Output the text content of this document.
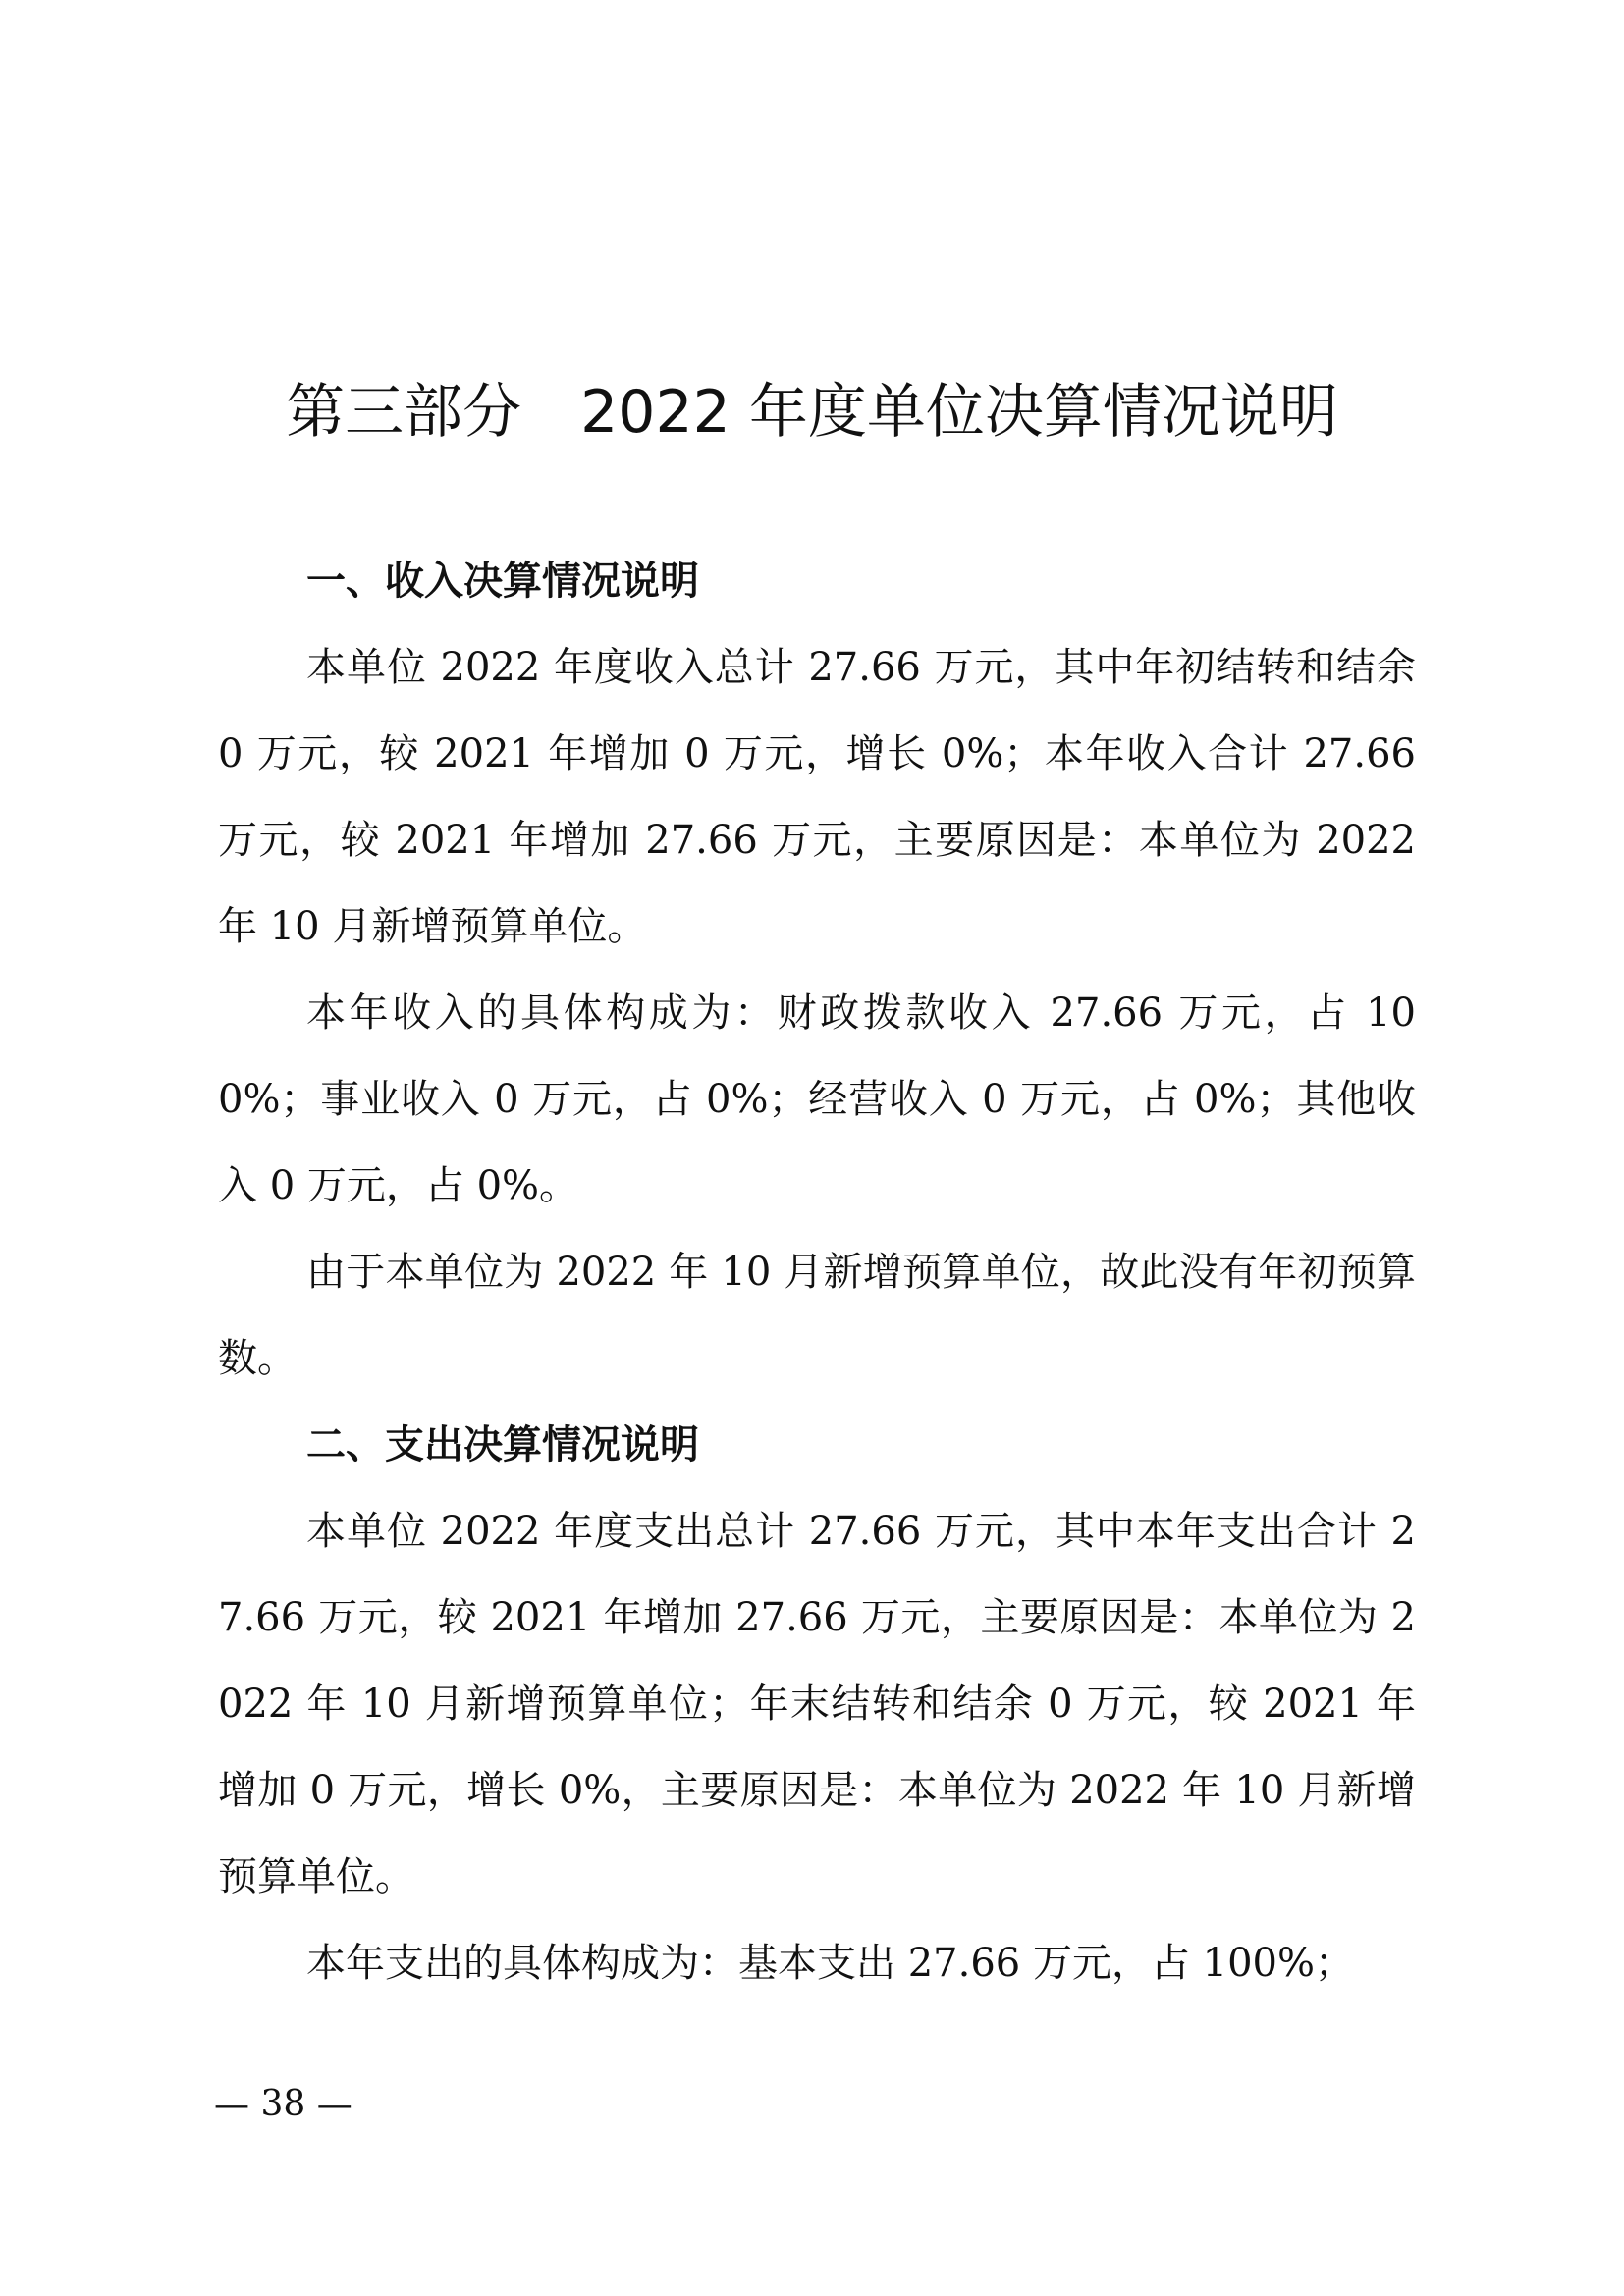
第三部分　2022 年度单位决算情况说明

一、收入决算情况说明

本单位 2022 年度收入总计 27.66 万元，其中年初结转和结余 0 万元，较 2021 年增加 0 万元，增长 0%；本年收入合计 27.66 万元，较 2021 年增加 27.66 万元，主要原因是：本单位为 2022 年 10 月新增预算单位。

本年收入的具体构成为：财政拨款收入 27.66 万元，占 100%；事业收入 0 万元，占 0%；经营收入 0 万元，占 0%；其他收入 0 万元，占 0%。

由于本单位为 2022 年 10 月新增预算单位，故此没有年初预算数。

二、支出决算情况说明

本单位 2022 年度支出总计 27.66 万元，其中本年支出合计 27.66 万元，较 2021 年增加 27.66 万元，主要原因是：本单位为 2022 年 10 月新增预算单位；年末结转和结余 0 万元，较 2021 年增加 0 万元，增长 0%，主要原因是：本单位为 2022 年 10 月新增预算单位。

本年支出的具体构成为：基本支出 27.66 万元，占 100%；

— 38 —
